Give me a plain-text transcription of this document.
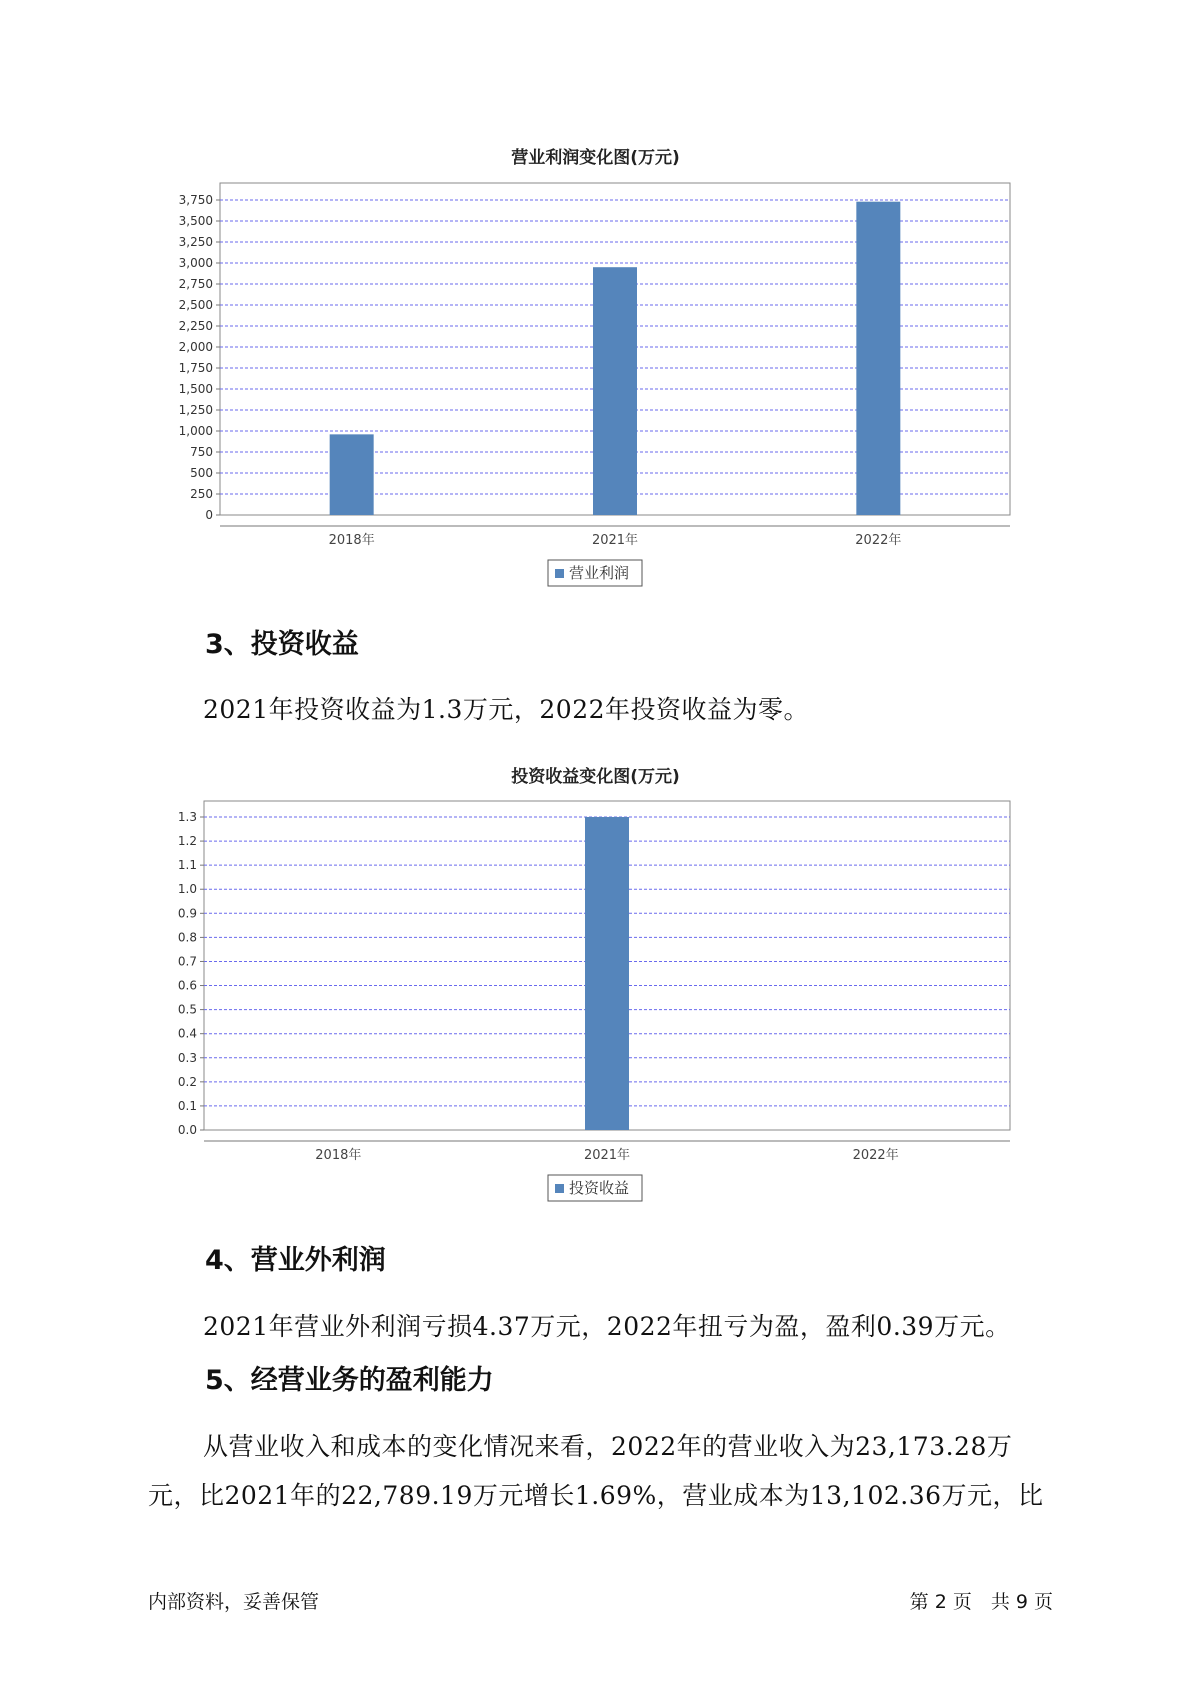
营业利润变化图(万元)
0
250
500
750
1,000
1,250
1,500
1,750
2,000
2,250
2,500
2,750
3,000
3,250
3,500
3,750
2018年	2021年	2022年
营业利润
3、投资收益
2021年投资收益为1.3万元，2022年投资收益为零。
投资收益变化图(万元)
0.0
0.1
0.2
0.3
0.4
0.5
0.6
0.7
0.8
0.9
1.0
1.1
1.2
1.3
2018年	2021年	2022年
投资收益
4、营业外利润
2021年营业外利润亏损4.37万元，2022年扭亏为盈，盈利0.39万元。
5、经营业务的盈利能力
从营业收入和成本的变化情况来看，2022年的营业收入为23,173.28万
元，比2021年的22,789.19万元增长1.69%，营业成本为13,102.36万元，比
内部资料，妥善保管	第 2 页　共 9 页
